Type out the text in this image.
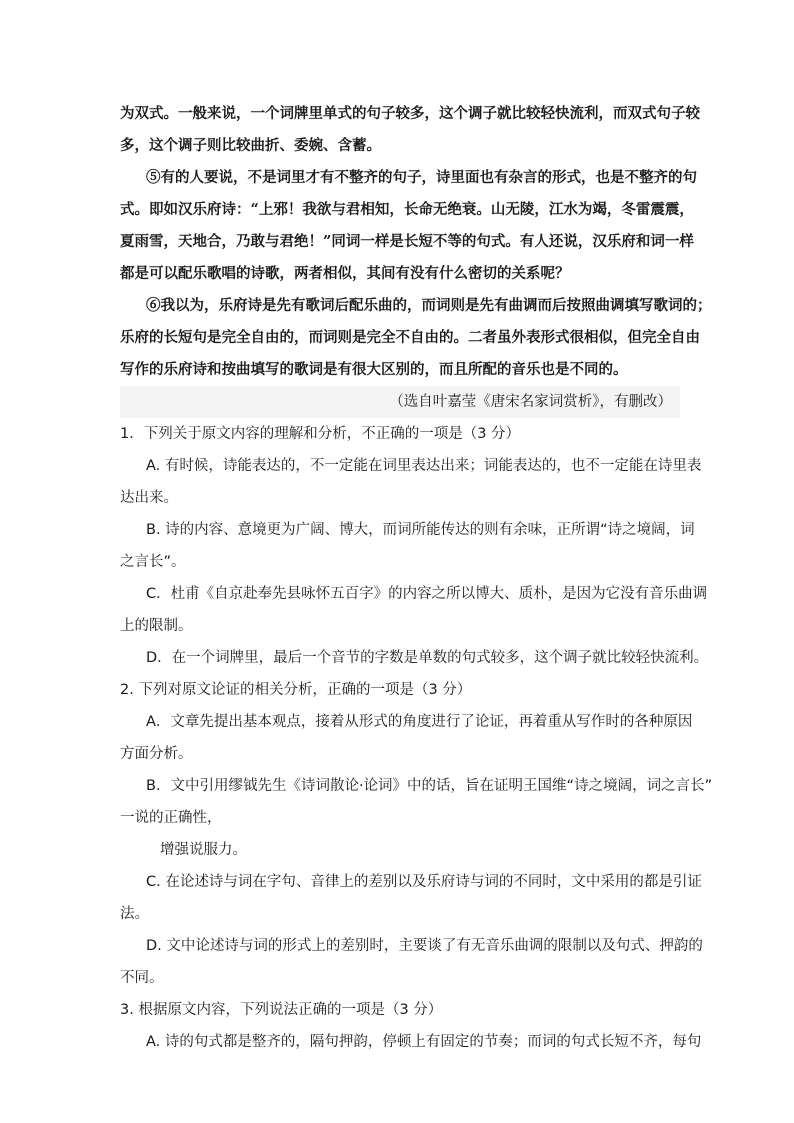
为双式。一般来说，一个词牌里单式的句子较多，这个调子就比较轻快流利，而双式句子较
多，这个调子则比较曲折、委婉、含蓄。
⑤有的人要说，不是词里才有不整齐的句子，诗里面也有杂言的形式，也是不整齐的句
式。即如汉乐府诗：“上邪！我欲与君相知，长命无绝衰。山无陵，江水为竭，冬雷震震，
夏雨雪，天地合，乃敢与君绝！”同词一样是长短不等的句式。有人还说，汉乐府和词一样
都是可以配乐歌唱的诗歌，两者相似，其间有没有什么密切的关系呢？
⑥我以为，乐府诗是先有歌词后配乐曲的，而词则是先有曲调而后按照曲调填写歌词的；
乐府的长短句是完全自由的，而词则是完全不自由的。二者虽外表形式很相似，但完全自由
写作的乐府诗和按曲填写的歌词是有很大区别的，而且所配的音乐也是不同的。
（选自叶嘉莹《唐宋名家词赏析》，有删改）
1．下列关于原文内容的理解和分析，不正确的一项是（3 分）
A. 有时候，诗能表达的，不一定能在词里表达出来；词能表达的，也不一定能在诗里表
达出来。
B. 诗的内容、意境更为广阔、博大，而词所能传达的则有余味，正所谓“诗之境阔，词
之言长”。
C．杜甫《自京赴奉先县咏怀五百字》的内容之所以博大、质朴，是因为它没有音乐曲调
上的限制。
D．在一个词牌里，最后一个音节的字数是单数的句式较多，这个调子就比较轻快流利。
2. 下列对原文论证的相关分析，正确的一项是（3 分）
A．文章先提出基本观点，接着从形式的角度进行了论证，再着重从写作时的各种原因
方面分析。
B．文中引用缪钺先生《诗词散论·论词》中的话，旨在证明王国维“诗之境阔，词之言长”
一说的正确性，
增强说服力。
C. 在论述诗与词在字句、音律上的差别以及乐府诗与词的不同时，文中采用的都是引证
法。
D. 文中论述诗与词的形式上的差别时，主要谈了有无音乐曲调的限制以及句式、押韵的
不同。
3. 根据原文内容，下列说法正确的一项是（3 分）
A. 诗的句式都是整齐的，隔句押韵，停顿上有固定的节奏；而词的句式长短不齐，每句
